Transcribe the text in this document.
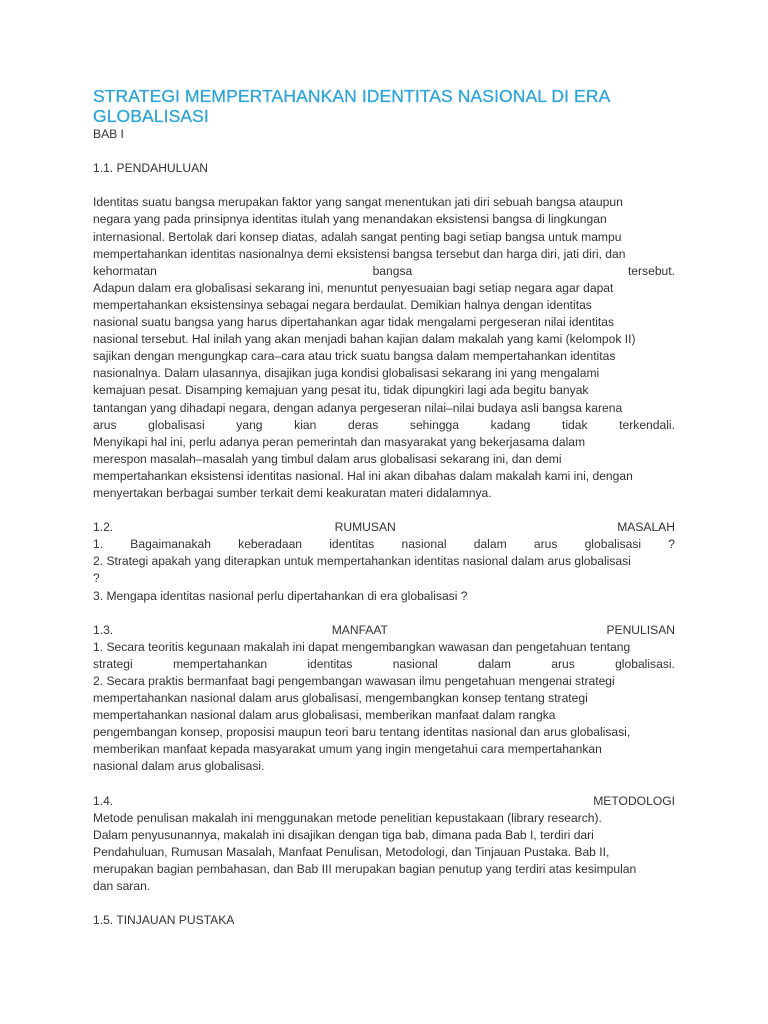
STRATEGI MEMPERTAHANKAN IDENTITAS NASIONAL DI ERA
GLOBALISASI
BAB I
1.1. PENDAHULUAN
Identitas suatu bangsa merupakan faktor yang sangat menentukan jati diri sebuah bangsa ataupun
negara yang pada prinsipnya identitas itulah yang menandakan eksistensi bangsa di lingkungan
internasional. Bertolak dari konsep diatas, adalah sangat penting bagi setiap bangsa untuk mampu
mempertahankan identitas nasionalnya demi eksistensi bangsa tersebut dan harga diri, jati diri, dan
kehormatan	bangsa	tersebut.
Adapun dalam era globalisasi sekarang ini, menuntut penyesuaian bagi setiap negara agar dapat
mempertahankan eksistensinya sebagai negara berdaulat. Demikian halnya dengan identitas
nasional suatu bangsa yang harus dipertahankan agar tidak mengalami pergeseran nilai identitas
nasional tersebut. Hal inilah yang akan menjadi bahan kajian dalam makalah yang kami (kelompok II)
sajikan dengan mengungkap cara–cara atau trick suatu bangsa dalam mempertahankan identitas
nasionalnya. Dalam ulasannya, disajikan juga kondisi globalisasi sekarang ini yang mengalami
kemajuan pesat. Disamping kemajuan yang pesat itu, tidak dipungkiri lagi ada begitu banyak
tantangan yang dihadapi negara, dengan adanya pergeseran nilai–nilai budaya asli bangsa karena
arus	globalisasi	yang	kian	deras	sehingga	kadang	tidak	terkendali.
Menyikapi hal ini, perlu adanya peran pemerintah dan masyarakat yang bekerjasama dalam
merespon masalah–masalah yang timbul dalam arus globalisasi sekarang ini, dan demi
mempertahankan eksistensi identitas nasional. Hal ini akan dibahas dalam makalah kami ini, dengan
menyertakan berbagai sumber terkait demi keakuratan materi didalamnya.
1.2.	RUMUSAN	MASALAH
1. Bagaimanakah keberadaan identitas nasional dalam arus globalisasi ?
2. Strategi apakah yang diterapkan untuk mempertahankan identitas nasional dalam arus globalisasi
?
3. Mengapa identitas nasional perlu dipertahankan di era globalisasi ?
1.3.	MANFAAT	PENULISAN
1. Secara teoritis kegunaan makalah ini dapat mengembangkan wawasan dan pengetahuan tentang
strategi	mempertahankan	identitas	nasional	dalam	arus	globalisasi.
2. Secara praktis bermanfaat bagi pengembangan wawasan ilmu pengetahuan mengenai strategi
mempertahankan nasional dalam arus globalisasi, mengembangkan konsep tentang strategi
mempertahankan nasional dalam arus globalisasi, memberikan manfaat dalam rangka
pengembangan konsep, proposisi maupun teori baru tentang identitas nasional dan arus globalisasi,
memberikan manfaat kepada masyarakat umum yang ingin mengetahui cara mempertahankan
nasional dalam arus globalisasi.
1.4.	METODOLOGI
Metode penulisan makalah ini menggunakan metode penelitian kepustakaan (library research).
Dalam penyusunannya, makalah ini disajikan dengan tiga bab, dimana pada Bab I, terdiri dari
Pendahuluan, Rumusan Masalah, Manfaat Penulisan, Metodologi, dan Tinjauan Pustaka. Bab II,
merupakan bagian pembahasan, dan Bab III merupakan bagian penutup yang terdiri atas kesimpulan
dan saran.
1.5. TINJAUAN PUSTAKA
